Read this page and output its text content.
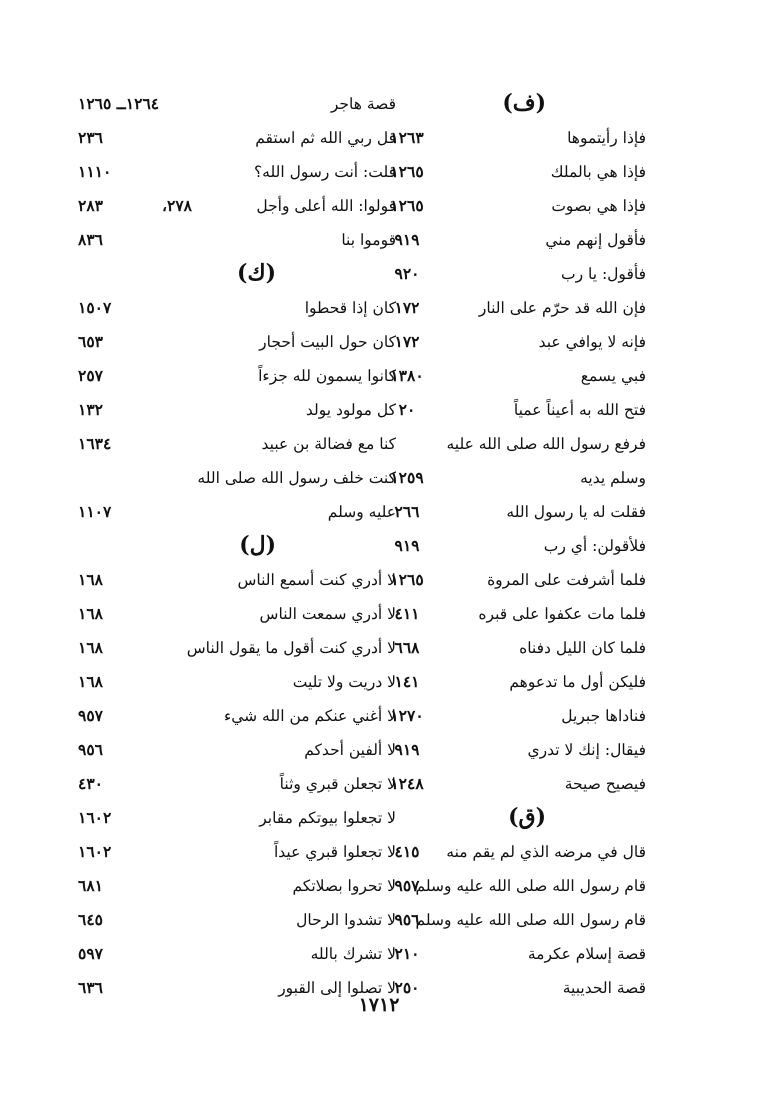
(ف)
فإذا رأيتموها
١٢٦٣
فإذا هي بالملك
١٢٦٥
فإذا هي بصوت
١٢٦٥
فأقول إنهم مني
٩١٩
فأقول: يا رب
٩٢٠
فإن الله قد حرّم على النار
١٧٢
فإنه لا يوافي عبد
١٧٢
فبي يسمع
١٣٨٠
فتح الله به أعيناً عمياً
٢٠
فرفع رسول الله صلى الله عليه
وسلم يديه
١٢٥٩
فقلت له يا رسول الله
٢٦٦
فلأقولن: أي رب
٩١٩
فلما أشرفت على المروة
١٢٦٥
فلما مات عكفوا على قبره
٤١١
فلما كان الليل دفناه
٦٦٨
فليكن أول ما تدعوهم
١٤١
فناداها جبريل
١٢٧٠
فيقال: إنك لا تدري
٩١٩
فيصيح صيحة
١٢٤٨
(ق)
قال في مرضه الذي لم يقم منه
٤١٥
قام رسول الله صلى الله عليه وسلم
٩٥٧
قام رسول الله صلى الله عليه وسلم
٩٥٦
قصة إسلام عكرمة
٢١٠
قصة الحديبية
٢٥٠
قصة هاجر
١٢٦٤ــ ١٢٦٥
قل ربي الله ثم استقم
٢٣٦
قلت: أنت رسول الله؟
١١١٠
قولوا: الله أعلى وأجل
٢٨٣	٢٧٨،
قوموا بنا
٨٣٦
(ك)
كان إذا قحطوا
١٥٠٧
كان حول البيت أحجار
٦٥٣
كانوا يسمون لله جزءاً
٢٥٧
كل مولود يولد
١٣٢
كنا مع فضالة بن عبيد
١٦٣٤
كنت خلف رسول الله صلى الله
عليه وسلم
١١٠٧
(ل)
لا أدري كنت أسمع الناس
١٦٨
لا أدري سمعت الناس
١٦٨
لا أدري كنت أقول ما يقول الناس
١٦٨
لا دريت ولا تليت
١٦٨
لا أغني عنكم من الله شيء
٩٥٧
لا ألفين أحدكم
٩٥٦
لا تجعلن قبري وثناً
٤٣٠
لا تجعلوا بيوتكم مقابر
١٦٠٢
لا تجعلوا قبري عيداً
١٦٠٢
لا تحروا بصلاتكم
٦٨١
لا تشدوا الرحال
٦٤٥
لا تشرك بالله
٥٩٧
لا تصلوا إلى القبور
٦٣٦
١٧١٢
